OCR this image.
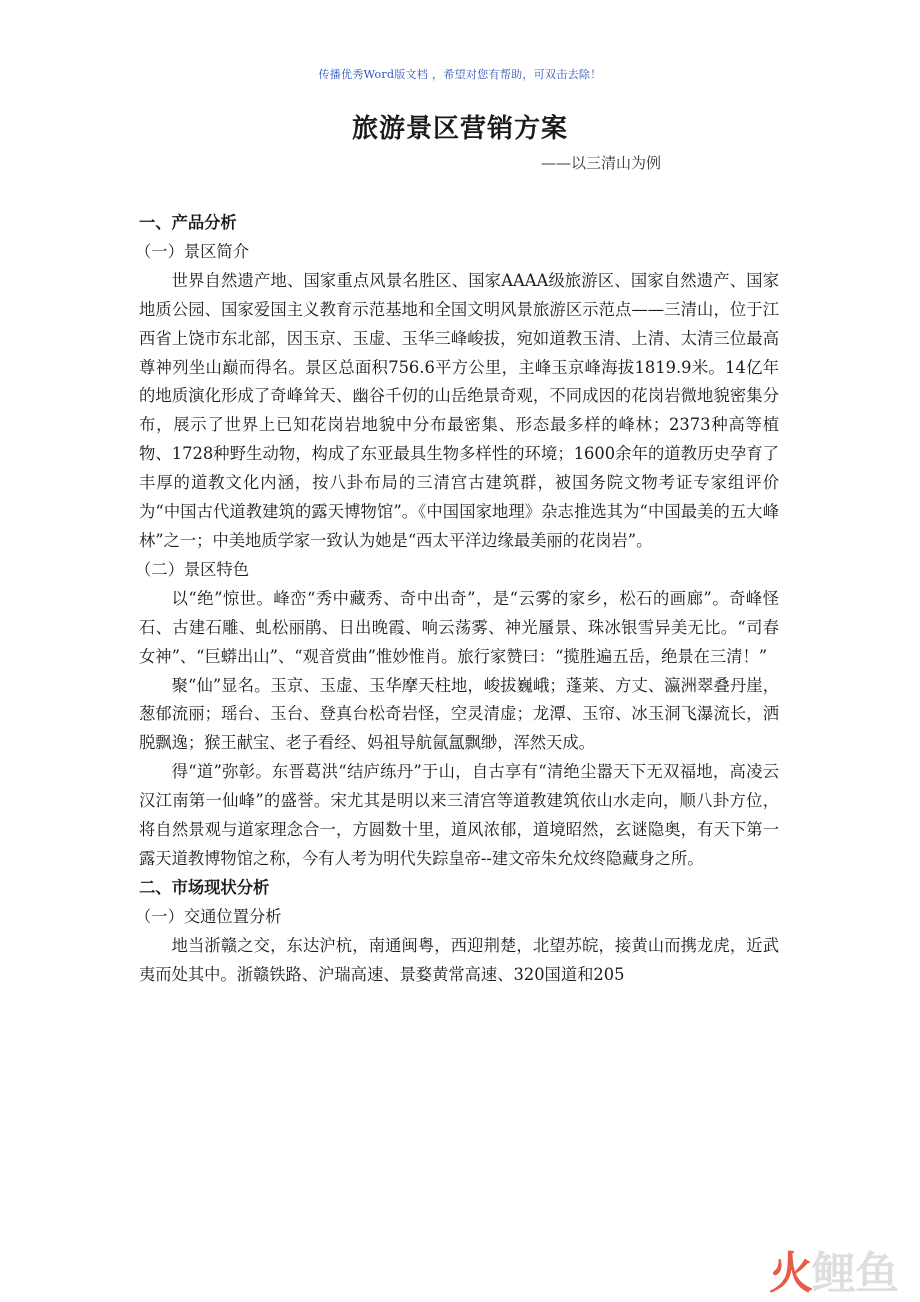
传播优秀Word版文档 ，希望对您有帮助，可双击去除！
旅游景区营销方案
——以三清山为例

一、产品分析

（一）景区简介

世界自然遗产地、国家重点风景名胜区、国家AAAA级旅游区、国家自然遗产、国家地质公园、国家爱国主义教育示范基地和全国文明风景旅游区示范点——三清山，位于江西省上饶市东北部，因玉京、玉虚、玉华三峰峻拔，宛如道教玉清、上清、太清三位最高尊神列坐山巅而得名。景区总面积756.6平方公里，主峰玉京峰海拔1819.9米。14亿年的地质演化形成了奇峰耸天、幽谷千仞的山岳绝景奇观，不同成因的花岗岩微地貌密集分布，展示了世界上已知花岗岩地貌中分布最密集、形态最多样的峰林；2373种高等植物、1728种野生动物，构成了东亚最具生物多样性的环境；1600余年的道教历史孕育了丰厚的道教文化内涵，按八卦布局的三清宫古建筑群，被国务院文物考证专家组评价为“中国古代道教建筑的露天博物馆”。《中国国家地理》杂志推选其为“中国最美的五大峰林”之一；中美地质学家一致认为她是“西太平洋边缘最美丽的花岗岩”。

（二）景区特色

以“绝”惊世。峰峦“秀中藏秀、奇中出奇”，是“云雾的家乡，松石的画廊”。奇峰怪石、古建石雕、虬松丽鹃、日出晚霞、响云荡雾、神光蜃景、珠冰银雪异美无比。“司春女神”、“巨蟒出山”、“观音赏曲”惟妙惟肖。旅行家赞曰：“揽胜遍五岳，绝景在三清！”

聚“仙”显名。玉京、玉虚、玉华摩天柱地，峻拔巍峨；蓬莱、方丈、瀛洲翠叠丹崖，葱郁流丽；瑶台、玉台、登真台松奇岩怪，空灵清虚；龙潭、玉帘、冰玉洞飞瀑流长，洒脱飘逸；猴王献宝、老子看经、妈祖导航氤氲飘缈，浑然天成。

得“道”弥彰。东晋葛洪“结庐练丹”于山，自古享有“清绝尘嚣天下无双福地，高凌云汉江南第一仙峰”的盛誉。宋尤其是明以来三清宫等道教建筑依山水走向，顺八卦方位，将自然景观与道家理念合一，方圆数十里，道风浓郁，道境昭然，玄谜隐奥，有天下第一露天道教博物馆之称，今有人考为明代失踪皇帝--建文帝朱允炆终隐藏身之所。

二、市场现状分析

（一）交通位置分析

地当浙赣之交，东达沪杭，南通闽粤，西迎荆楚，北望苏皖，接黄山而携龙虎，近武夷而处其中。浙赣铁路、沪瑞高速、景婺黄常高速、320国道和205

火鲤鱼
